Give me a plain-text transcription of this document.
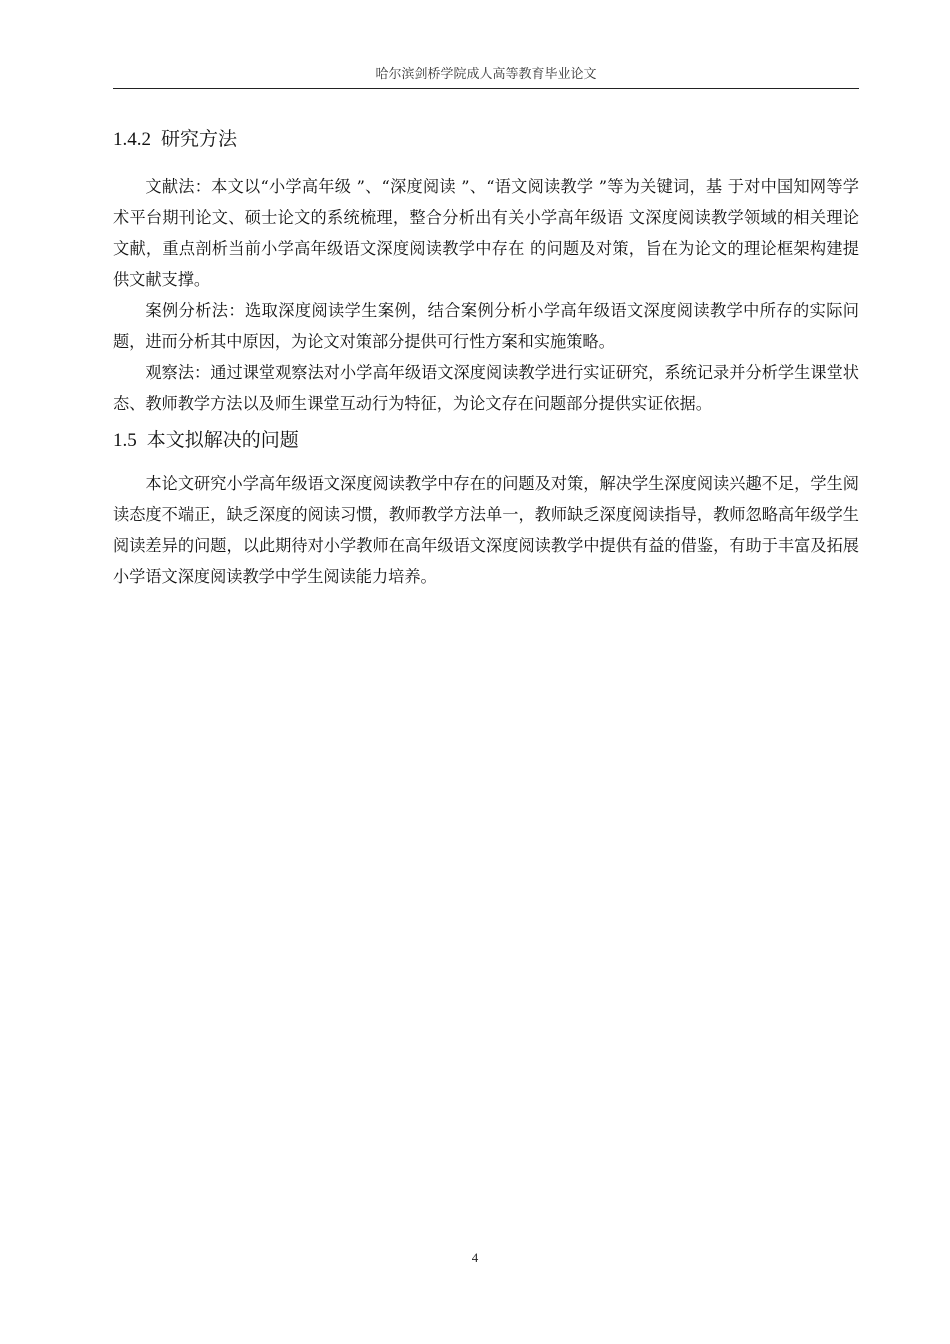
哈尔滨剑桥学院成人高等教育毕业论文
1.4.2 研究方法

文献法：本文以“小学高年级 ”、“深度阅读 ”、“语文阅读教学 ”等为关键词，基 于对中国知网等学术平台期刊论文、硕士论文的系统梳理，整合分析出有关小学高年级语 文深度阅读教学领域的相关理论文献，重点剖析当前小学高年级语文深度阅读教学中存在 的问题及对策，旨在为论文的理论框架构建提供文献支撑。

案例分析法：选取深度阅读学生案例，结合案例分析小学高年级语文深度阅读教学中所存的实际问题，进而分析其中原因，为论文对策部分提供可行性方案和实施策略。

观察法：通过课堂观察法对小学高年级语文深度阅读教学进行实证研究，系统记录并分析学生课堂状态、教师教学方法以及师生课堂互动行为特征，为论文存在问题部分提供实证依据。

1.5 本文拟解决的问题

本论文研究小学高年级语文深度阅读教学中存在的问题及对策，解决学生深度阅读兴趣不足，学生阅读态度不端正，缺乏深度的阅读习惯，教师教学方法单一，教师缺乏深度阅读指导，教师忽略高年级学生阅读差异的问题，以此期待对小学教师在高年级语文深度阅读教学中提供有益的借鉴，有助于丰富及拓展小学语文深度阅读教学中学生阅读能力培养。

4
